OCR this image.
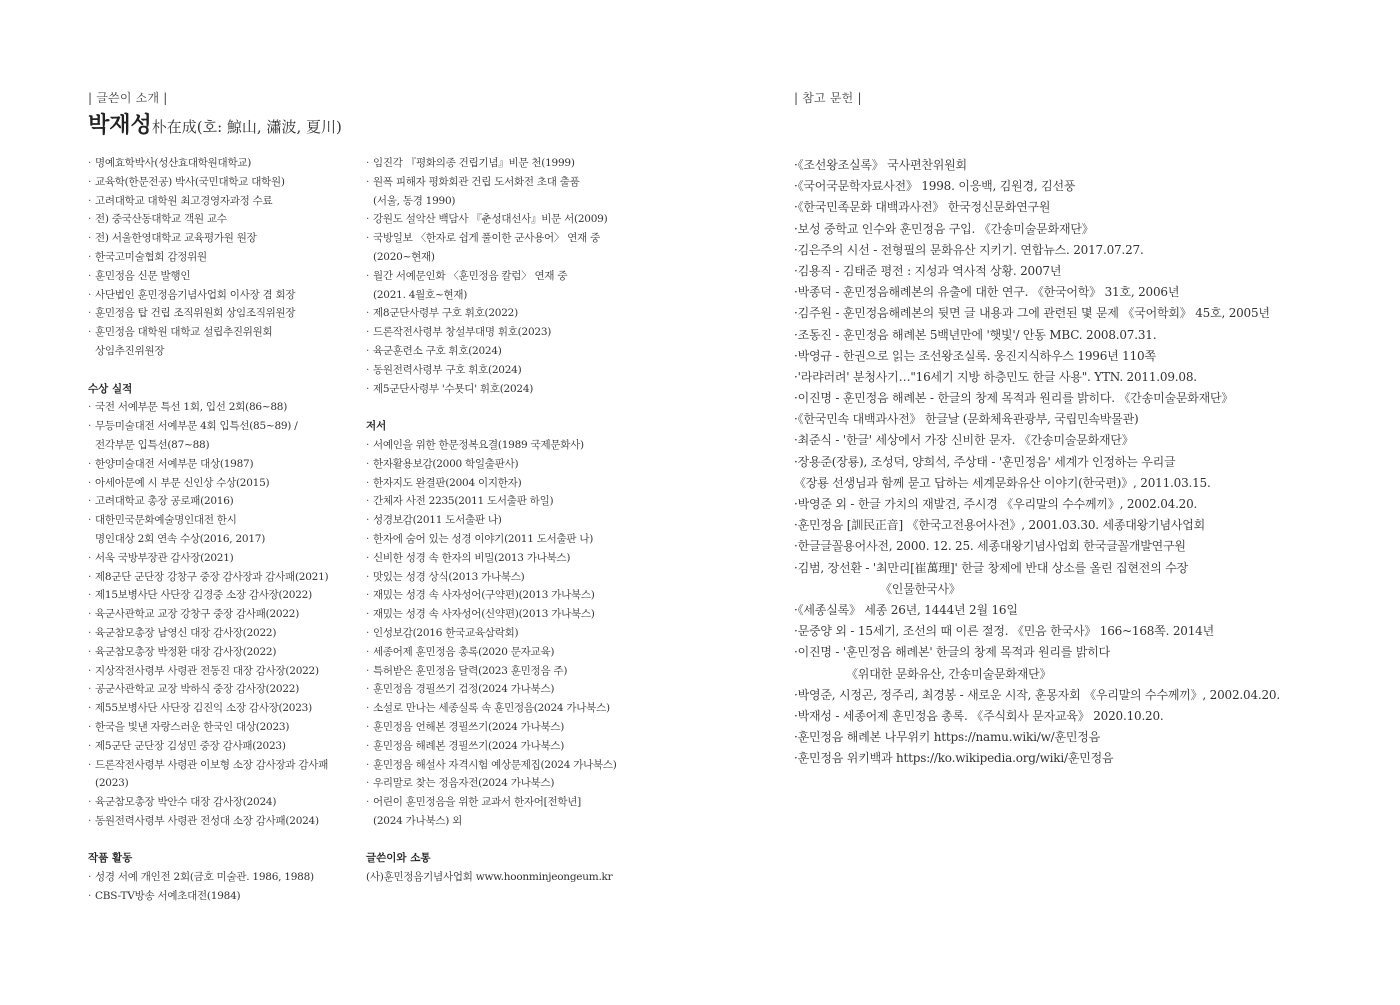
| 글쓴이 소개 |
박재성朴在成(호: 鯨山, 瀟波, 夏川)
· 명예효학박사(성산효대학원대학교)
· 교육학(한문전공) 박사(국민대학교 대학원)
· 고려대학교 대학원 최고경영자과정 수료
· 전) 중국산동대학교 객원 교수
· 전) 서울한영대학교 교육평가원 원장
· 한국고미술협회 감정위원
· 훈민정음 신문 발행인
· 사단법인 훈민정음기념사업회 이사장 겸 회장
· 훈민정음 탑 건립 조직위원회 상임조직위원장
· 훈민정음 대학원 대학교 설립추진위원회
상임추진위원장
수상 실적
· 국전 서예부문 특선 1회, 입선 2회(86~88)
· 무등미술대전 서예부문 4회 입특선(85~89) /
전각부문 입특선(87~88)
· 한양미술대전 서예부문 대상(1987)
· 아세아문예 시 부문 신인상 수상(2015)
· 고려대학교 총장 공로패(2016)
· 대한민국문화예술명인대전 한시
명인대상 2회 연속 수상(2016, 2017)
· 서욱 국방부장관 감사장(2021)
· 제8군단 군단장 강창구 중장 감사장과 감사패(2021)
· 제15보병사단 사단장 김경중 소장 감사장(2022)
· 육군사관학교 교장 강창구 중장 감사패(2022)
· 육군참모총장 남영신 대장 감사장(2022)
· 육군참모총장 박정환 대장 감사장(2022)
· 지상작전사령부 사령관 전동진 대장 감사장(2022)
· 공군사관학교 교장 박하식 중장 감사장(2022)
· 제55보병사단 사단장 김진익 소장 감사장(2023)
· 한국을 빛낸 자랑스러운 한국인 대상(2023)
· 제5군단 군단장 김성민 중장 감사패(2023)
· 드론작전사령부 사령관 이보형 소장 감사장과 감사패
(2023)
· 육군참모총장 박안수 대장 감사장(2024)
· 동원전력사령부 사령관 전성대 소장 감사패(2024)
작품 활동
· 성경 서예 개인전 2회(금호 미술관. 1986, 1988)
· CBS-TV방송 서예초대전(1984)
· 임진각 『평화의종 건립기념』비문 천(1999)
· 원폭 피해자 평화회관 건립 도서화전 초대 출품
(서울, 동경 1990)
· 강원도 설악산 백담사 『춘성대선사』비문 서(2009)
· 국방일보 〈한자로 쉽게 풀이한 군사용어〉 연재 중
(2020~현재)
· 월간 서예문인화 〈훈민정음 칼럼〉 연재 중
(2021. 4월호~현재)
· 제8군단사령부 구호 휘호(2022)
· 드론작전사령부 창설부대명 휘호(2023)
· 육군훈련소 구호 휘호(2024)
· 동원전력사령부 구호 휘호(2024)
· 제5군단사령부 '수묫디' 휘호(2024)
저서
· 서예인을 위한 한문정복요결(1989 국제문화사)
· 한자활용보감(2000 학일출판사)
· 한자지도 완결판(2004 이지한자)
· 간체자 사전 2235(2011 도서출판 하일)
· 성경보감(2011 도서출판 나)
· 한자에 숨어 있는 성경 이야기(2011 도서출판 나)
· 신비한 성경 속 한자의 비밀(2013 가나북스)
· 맛있는 성경 상식(2013 가나북스)
· 재밌는 성경 속 사자성어(구약편)(2013 가나북스)
· 재밌는 성경 속 사자성어(신약편)(2013 가나북스)
· 인성보감(2016 한국교육삼락회)
· 세종어제 훈민정음 총록(2020 문자교육)
· 특허받은 훈민정음 달력(2023 훈민정음 주)
· 훈민정음 경필쓰기 검정(2024 가나북스)
· 소설로 만나는 세종실록 속 훈민정음(2024 가나북스)
· 훈민정음 언해본 경필쓰기(2024 가나북스)
· 훈민정음 해례본 경필쓰기(2024 가나북스)
· 훈민정음 해설사 자격시험 예상문제집(2024 가나북스)
· 우리말로 찾는 정음자전(2024 가나북스)
· 어린이 훈민정음을 위한 교과서 한자어[전학년]
(2024 가나북스) 외
글쓴이와 소통
(사)훈민정음기념사업회 www.hoonminjeongeum.kr
| 참고 문헌 |
·《조선왕조실록》 국사편찬위원회
·《국어국문학자료사전》 1998. 이응백, 김원경, 김선풍
·《한국민족문화 대백과사전》 한국정신문화연구원
·보성 중학교 인수와 훈민정음 구입. 《간송미술문화재단》
·김은주의 시선 - 전형필의 문화유산 지키기. 연합뉴스. 2017.07.27.
·김용직 - 김태준 평전 : 지성과 역사적 상황. 2007년
·박종덕 - 훈민정음해례본의 유출에 대한 연구. 《한국어학》 31호, 2006년
·김주원 - 훈민정음해례본의 뒷면 글 내용과 그에 관련된 몇 문제 《국어학회》 45호, 2005년
·조동진 - 훈민정음 해례본 5백년만에 '햇빛'/ 안동 MBC. 2008.07.31.
·박영규 - 한권으로 읽는 조선왕조실록. 웅진지식하우스 1996년 110쪽
·'라랴러려' 분청사기…"16세기 지방 하층민도 한글 사용". YTN. 2011.09.08.
·이진명 - 훈민정음 해례본 - 한글의 창제 목적과 원리를 밝히다. 《간송미술문화재단》
·《한국민속 대백과사전》 한글날 (문화체육관광부, 국립민속박물관)
·최준식 - '한글' 세상에서 가장 신비한 문자. 《간송미술문화재단》
·장용준(장룡), 조성덕, 양희석, 주상태 - '훈민정음' 세계가 인정하는 우리글
《장룡 선생님과 함께 묻고 답하는 세계문화유산 이야기(한국편)》, 2011.03.15.
·박영준 외 - 한글 가치의 재발견, 주시경 《우리말의 수수께끼》, 2002.04.20.
·훈민정음 [訓民正音] 《한국고전용어사전》, 2001.03.30. 세종대왕기념사업회
·한글글꼴용어사전, 2000. 12. 25. 세종대왕기념사업회 한국글꼴개발연구원
·김범, 장선환 - '최만리[崔萬理]' 한글 창제에 반대 상소를 올린 집현전의 수장
《인물한국사》
·《세종실록》 세종 26년, 1444년 2월 16일
·문중양 외 - 15세기, 조선의 때 이른 절정. 《민음 한국사》 166~168쪽. 2014년
·이진명 - '훈민정음 해례본' 한글의 창제 목적과 원리를 밝히다
《위대한 문화유산, 간송미술문화재단》
·박영준, 시정곤, 정주리, 최경봉 - 새로운 시작, 훈몽자회 《우리말의 수수께끼》, 2002.04.20.
·박재성 - 세종어제 훈민정음 총록. 《주식회사 문자교육》 2020.10.20.
·훈민정음 해례본 나무위키 https://namu.wiki/w/훈민정음
·훈민정음 위키백과 https://ko.wikipedia.org/wiki/훈민정음
